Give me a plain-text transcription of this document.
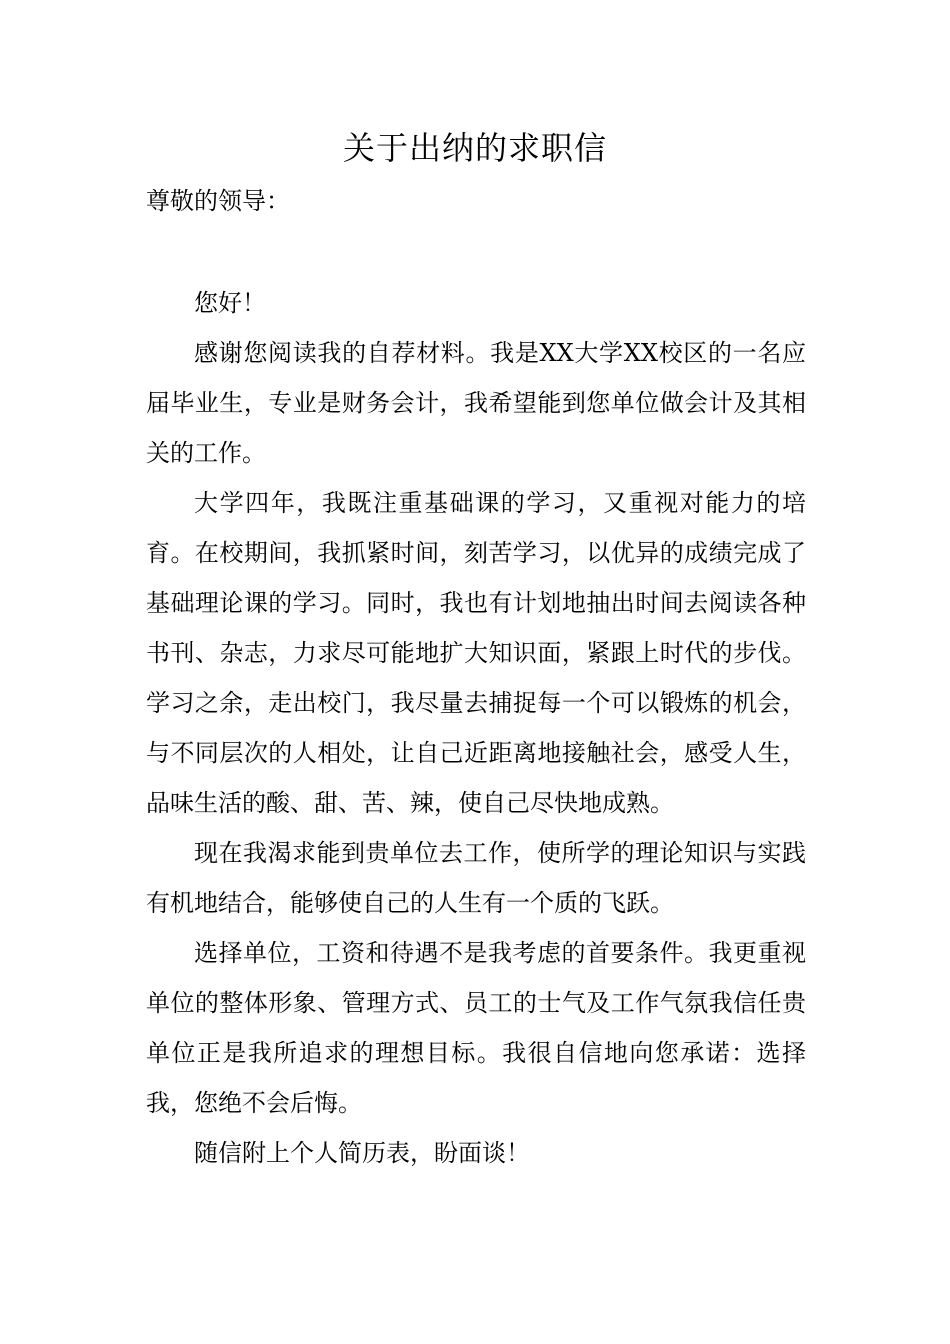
关于出纳的求职信
尊敬的领导：

您好！

感谢您阅读我的自荐材料。我是XX大学XX校区的一名应届毕业生，专业是财务会计，我希望能到您单位做会计及其相关的工作。

大学四年，我既注重基础课的学习，又重视对能力的培育。在校期间，我抓紧时间，刻苦学习，以优异的成绩完成了基础理论课的学习。同时，我也有计划地抽出时间去阅读各种书刊、杂志，力求尽可能地扩大知识面，紧跟上时代的步伐。学习之余，走出校门，我尽量去捕捉每一个可以锻炼的机会，与不同层次的人相处，让自己近距离地接触社会，感受人生，品味生活的酸、甜、苦、辣，使自己尽快地成熟。

现在我渴求能到贵单位去工作，使所学的理论知识与实践有机地结合，能够使自己的人生有一个质的飞跃。

选择单位，工资和待遇不是我考虑的首要条件。我更重视单位的整体形象、管理方式、员工的士气及工作气氛我信任贵单位正是我所追求的理想目标。我很自信地向您承诺：选择我，您绝不会后悔。

随信附上个人简历表，盼面谈！
